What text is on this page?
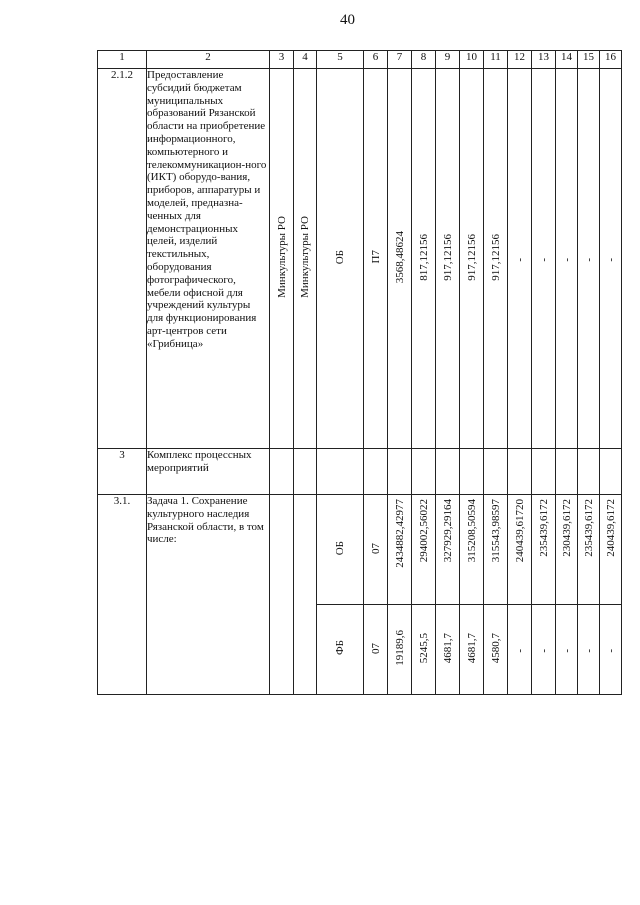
40
1	2	3	4	5	6	7	8	9	10	11	12	13	14	15	16
2.1.2	Предоставление субсидий бюджетам муниципальных образований Рязанской области на приобретение информационного, компьютерного и телекоммуникацион-ного (ИКТ) оборудо-вания, приборов, аппаратуры и моделей, предназна-ченных для демонстрационных целей, изделий текстильных, оборудования фотографического, мебели офисной для учреждений культуры для функционирования арт-центров сети «Грибница»	Минкультуры РО	Минкультуры РО	ОБ	П7	3568,48624	817,12156	917,12156	917,12156	917,12156	-	-	-	-	-
3	Комплекс процессных мероприятий														
3.1.	Задача 1. Сохранение культурного наследия Рязанской области, в том числе:			ОБ	07	2434882,42977	294002,56022	327929,29164	315208,50594	315543,98597	240439,61720	235439,6172	230439,6172	235439,6172	240439,6172
				ФБ	07	19189,6	5245,5	4681,7	4681,7	4580,7	-	-	-	-	-
